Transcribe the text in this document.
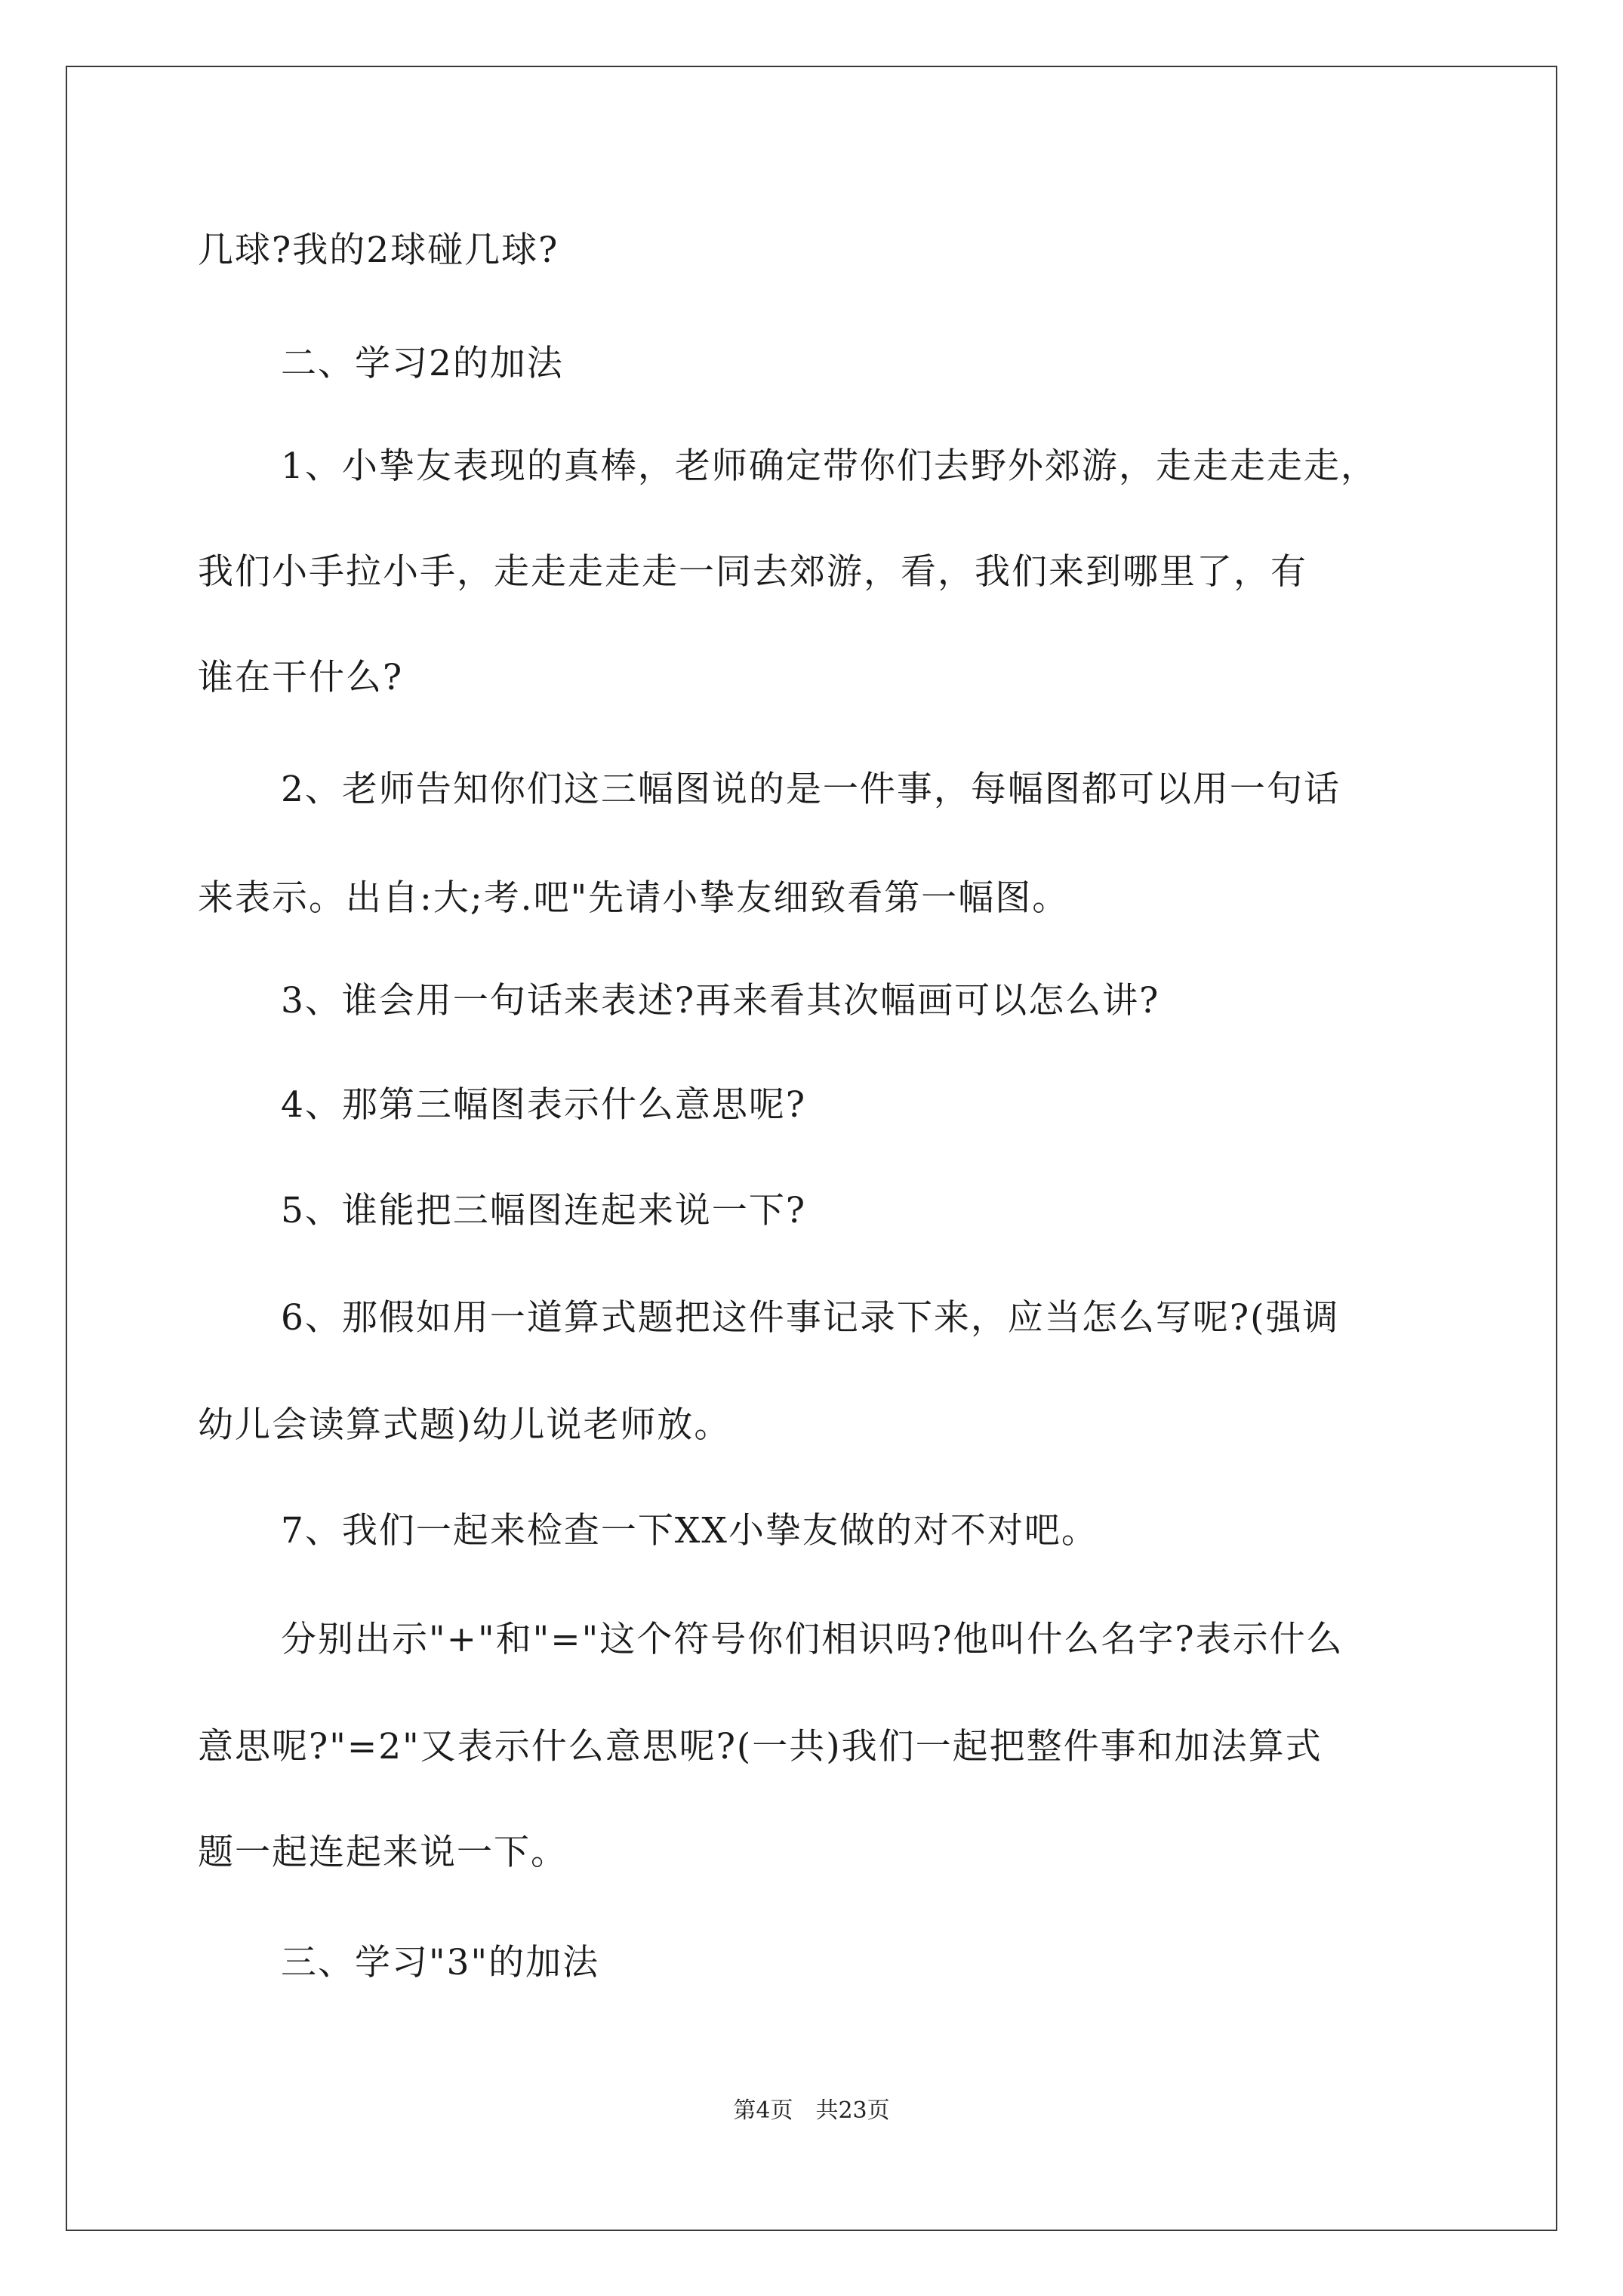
几球?我的2球碰几球?
二、学习2的加法
1、小挚友表现的真棒，老师确定带你们去野外郊游，走走走走走，
我们小手拉小手，走走走走走一同去郊游，看，我们来到哪里了，有
谁在干什么?
2、老师告知你们这三幅图说的是一件事，每幅图都可以用一句话
来表示。出自:大;考.吧"先请小挚友细致看第一幅图。
3、谁会用一句话来表述?再来看其次幅画可以怎么讲?
4、那第三幅图表示什么意思呢?
5、谁能把三幅图连起来说一下?
6、那假如用一道算式题把这件事记录下来，应当怎么写呢?(强调
幼儿会读算式题)幼儿说老师放。
7、我们一起来检查一下XX小挚友做的对不对吧。
分别出示"+"和"="这个符号你们相识吗?他叫什么名字?表示什么
意思呢?"=2"又表示什么意思呢?(一共)我们一起把整件事和加法算式
题一起连起来说一下。
三、学习"3"的加法
第4页　共23页
